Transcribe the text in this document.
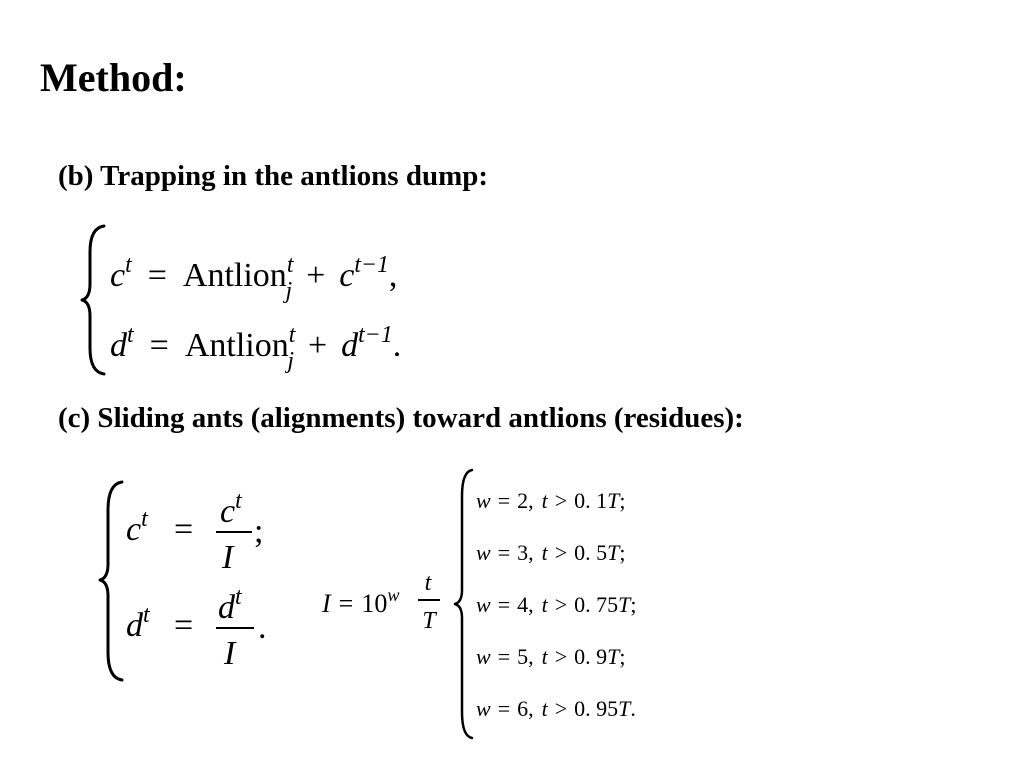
Method:
(b) Trapping in the antlions dump:
$c^t$ = Antlion$^t$ $j + c^{t-1}$,
$d^t$ = Antlion$^t$ $j + d^{t-1}$.
(c) Sliding ants (alignments) toward antlions (residues):
$c^t = c^t$
I
;
$d^t = d^t$
I
.
$I = 10^w$ t
T
w = 2, t > 0. 1T;
w = 3, t > 0. 5T;
w = 4, t > 0. 75T;
w = 5, t > 0. 9T;
w = 6, t > 0. 95T.
